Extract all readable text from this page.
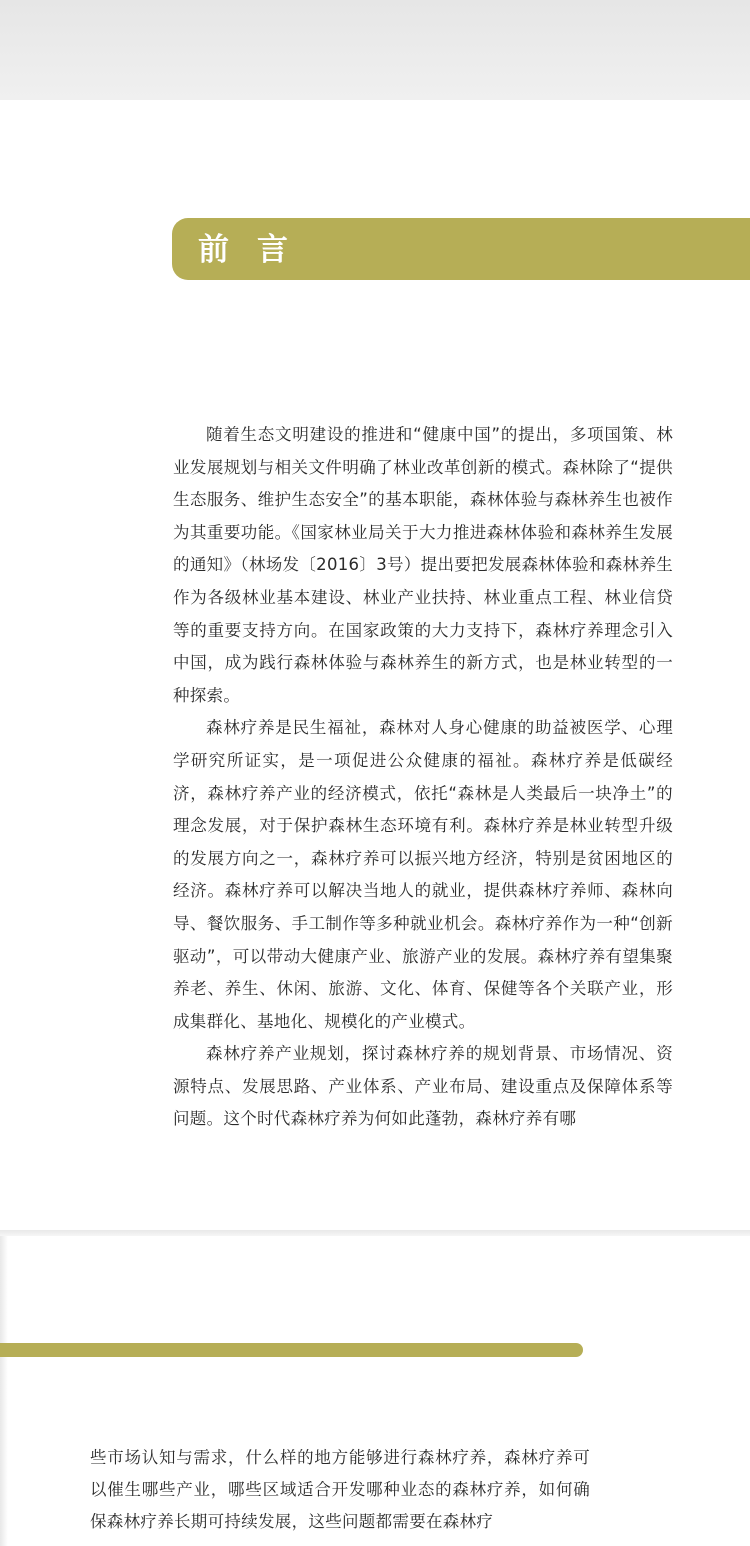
前言

随着生态文明建设的推进和“健康中国”的提出，多项国策、林业发展规划与相关文件明确了林业改革创新的模式。森林除了“提供生态服务、维护生态安全”的基本职能，森林体验与森林养生也被作为其重要功能。《国家林业局关于大力推进森林体验和森林养生发展的通知》（林场发〔2016〕3号）提出要把发展森林体验和森林养生作为各级林业基本建设、林业产业扶持、林业重点工程、林业信贷等的重要支持方向。在国家政策的大力支持下，森林疗养理念引入中国，成为践行森林体验与森林养生的新方式，也是林业转型的一种探索。

森林疗养是民生福祉，森林对人身心健康的助益被医学、心理学研究所证实，是一项促进公众健康的福祉。森林疗养是低碳经济，森林疗养产业的经济模式，依托“森林是人类最后一块净土”的理念发展，对于保护森林生态环境有利。森林疗养是林业转型升级的发展方向之一，森林疗养可以振兴地方经济，特别是贫困地区的经济。森林疗养可以解决当地人的就业，提供森林疗养师、森林向导、餐饮服务、手工制作等多种就业机会。森林疗养作为一种“创新驱动”，可以带动大健康产业、旅游产业的发展。森林疗养有望集聚养老、养生、休闲、旅游、文化、体育、保健等各个关联产业，形成集群化、基地化、规模化的产业模式。

森林疗养产业规划，探讨森林疗养的规划背景、市场情况、资源特点、发展思路、产业体系、产业布局、建设重点及保障体系等问题。这个时代森林疗养为何如此蓬勃，森林疗养有哪

些市场认知与需求，什么样的地方能够进行森林疗养，森林疗养可以催生哪些产业，哪些区域适合开发哪种业态的森林疗养，如何确保森林疗养长期可持续发展，这些问题都需要在森林疗
